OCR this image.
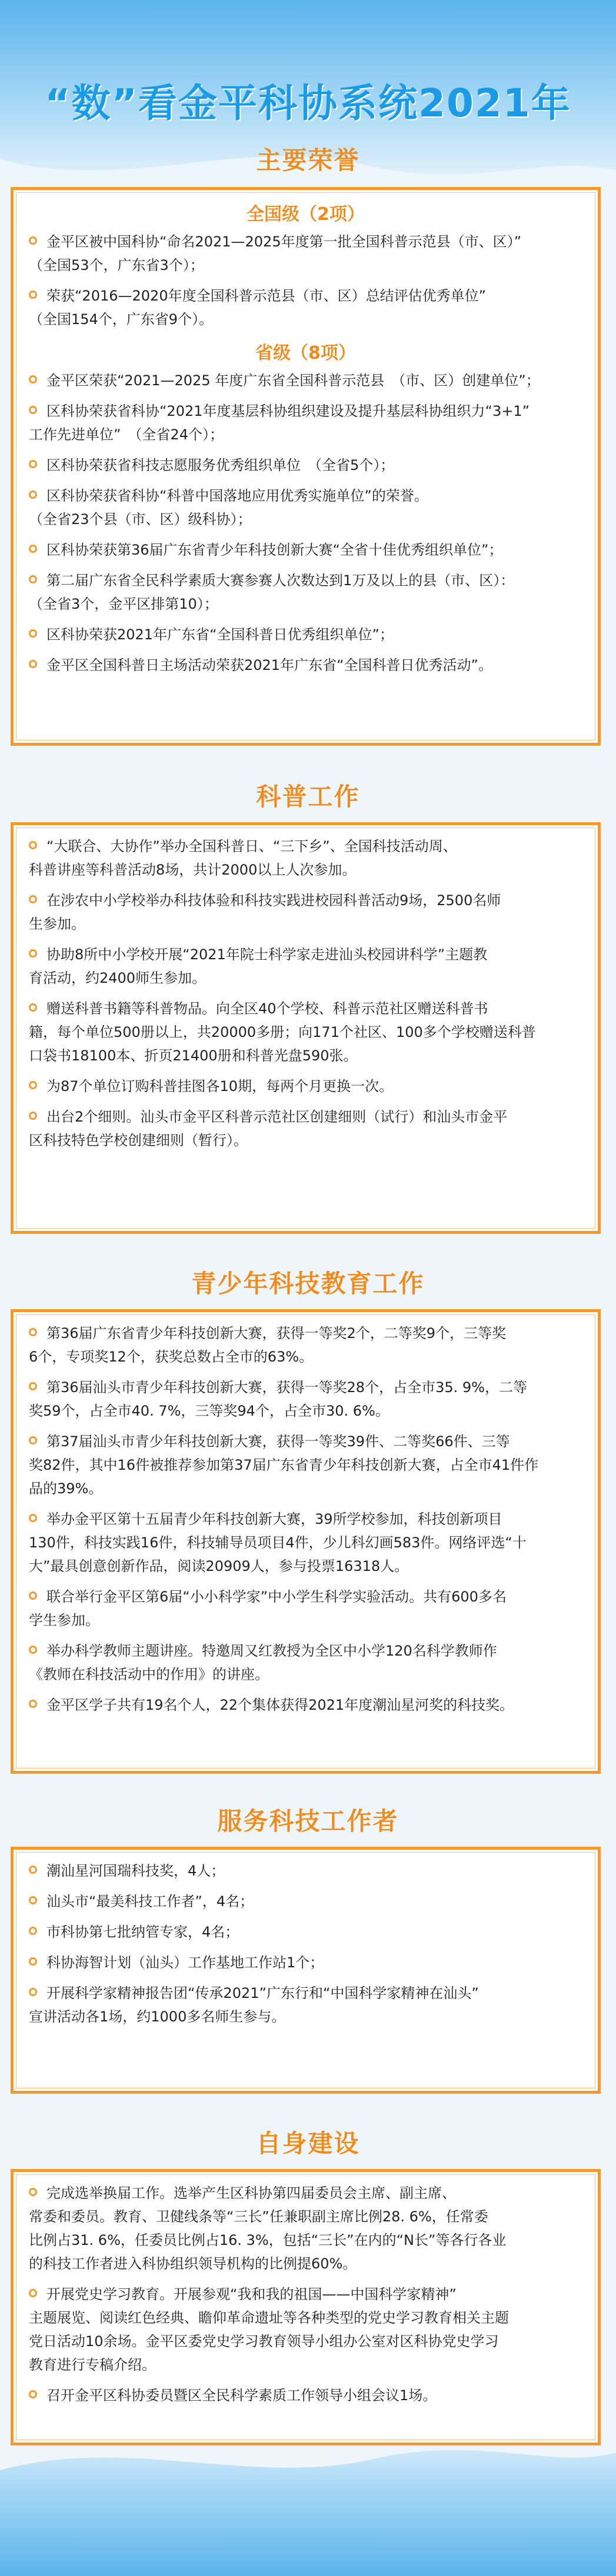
“数”看金平科协系统2021年
主要荣誉
全国级（2项）
金平区被中国科协“命名2021—2025年度第一批全国科普示范县（市、区）”
（全国53个，广东省3个）；
荣获“2016—2020年度全国科普示范县（市、区）总结评估优秀单位”
（全国154个，广东省9个）。
省级（8项）
金平区荣获“2021—2025 年度广东省全国科普示范县　（市、区）创建单位”；
区科协荣获省科协“2021年度基层科协组织建设及提升基层科协组织力“3+1”
工作先进单位”　（全省24个）；
区科协荣获省科技志愿服务优秀组织单位　（全省5个）；
区科协荣获省科协“科普中国落地应用优秀实施单位”的荣誉。
（全省23个县（市、区）级科协）；
区科协荣获第36届广东省青少年科技创新大赛“全省十佳优秀组织单位”；
第二届广东省全民科学素质大赛参赛人次数达到1万及以上的县（市、区）：
（全省3个，金平区排第10）；
区科协荣获2021年广东省“全国科普日优秀组织单位”；
金平区全国科普日主场活动荣获2021年广东省“全国科普日优秀活动”。
科普工作
“大联合、大协作”举办全国科普日、“三下乡”、全国科技活动周、
科普讲座等科普活动8场，共计2000以上人次参加。
在涉农中小学校举办科技体验和科技实践进校园科普活动9场，2500名师
生参加。
协助8所中小学校开展“2021年院士科学家走进汕头校园讲科学”主题教
育活动，约2400师生参加。
赠送科普书籍等科普物品。向全区40个学校、科普示范社区赠送科普书
籍，每个单位500册以上，共20000多册；向171个社区、100多个学校赠送科普
口袋书18100本、折页21400册和科普光盘590张。
为87个单位订购科普挂图各10期，每两个月更换一次。
出台2个细则。汕头市金平区科普示范社区创建细则（试行）和汕头市金平
区科技特色学校创建细则（暂行）。
青少年科技教育工作
第36届广东省青少年科技创新大赛，获得一等奖2个，二等奖9个，三等奖
6个，专项奖12个，获奖总数占全市的63%。
第36届汕头市青少年科技创新大赛，获得一等奖28个，占全市35. 9%，二等
奖59个，占全市40. 7%，三等奖94个，占全市30. 6%。
第37届汕头市青少年科技创新大赛，获得一等奖39件、二等奖66件、三等
奖82件，其中16件被推荐参加第37届广东省青少年科技创新大赛，占全市41件作
品的39%。
举办金平区第十五届青少年科技创新大赛，39所学校参加，科技创新项目
130件，科技实践16件，科技辅导员项目4件，少儿科幻画583件。网络评选“十
大”最具创意创新作品，阅读20909人，参与投票16318人。
联合举行金平区第6届“小小科学家”中小学生科学实验活动。共有600多名
学生参加。
举办科学教师主题讲座。特邀周又红教授为全区中小学120名科学教师作
《教师在科技活动中的作用》的讲座。
金平区学子共有19名个人，22个集体获得2021年度潮汕星河奖的科技奖。
服务科技工作者
潮汕星河国瑞科技奖，4人；
汕头市“最美科技工作者”，4名；
市科协第七批纳管专家，4名；
科协海智计划（汕头）工作基地工作站1个；
开展科学家精神报告团“传承2021”广东行和“中国科学家精神在汕头”
宣讲活动各1场，约1000多名师生参与。
自身建设
完成选举换届工作。选举产生区科协第四届委员会主席、副主席、
常委和委员。教育、卫健线条等“三长”任兼职副主席比例28. 6%，任常委
比例占31. 6%，任委员比例占16. 3%，包括“三长”在内的“N长”等各行各业
的科技工作者进入科协组织领导机构的比例提60%。
开展党史学习教育。开展参观“我和我的祖国——中国科学家精神”
主题展览、阅读红色经典、瞻仰革命遗址等各种类型的党史学习教育相关主题
党日活动10余场。金平区委党史学习教育领导小组办公室对区科协党史学习
教育进行专稿介绍。
召开金平区科协委员暨区全民科学素质工作领导小组会议1场。
